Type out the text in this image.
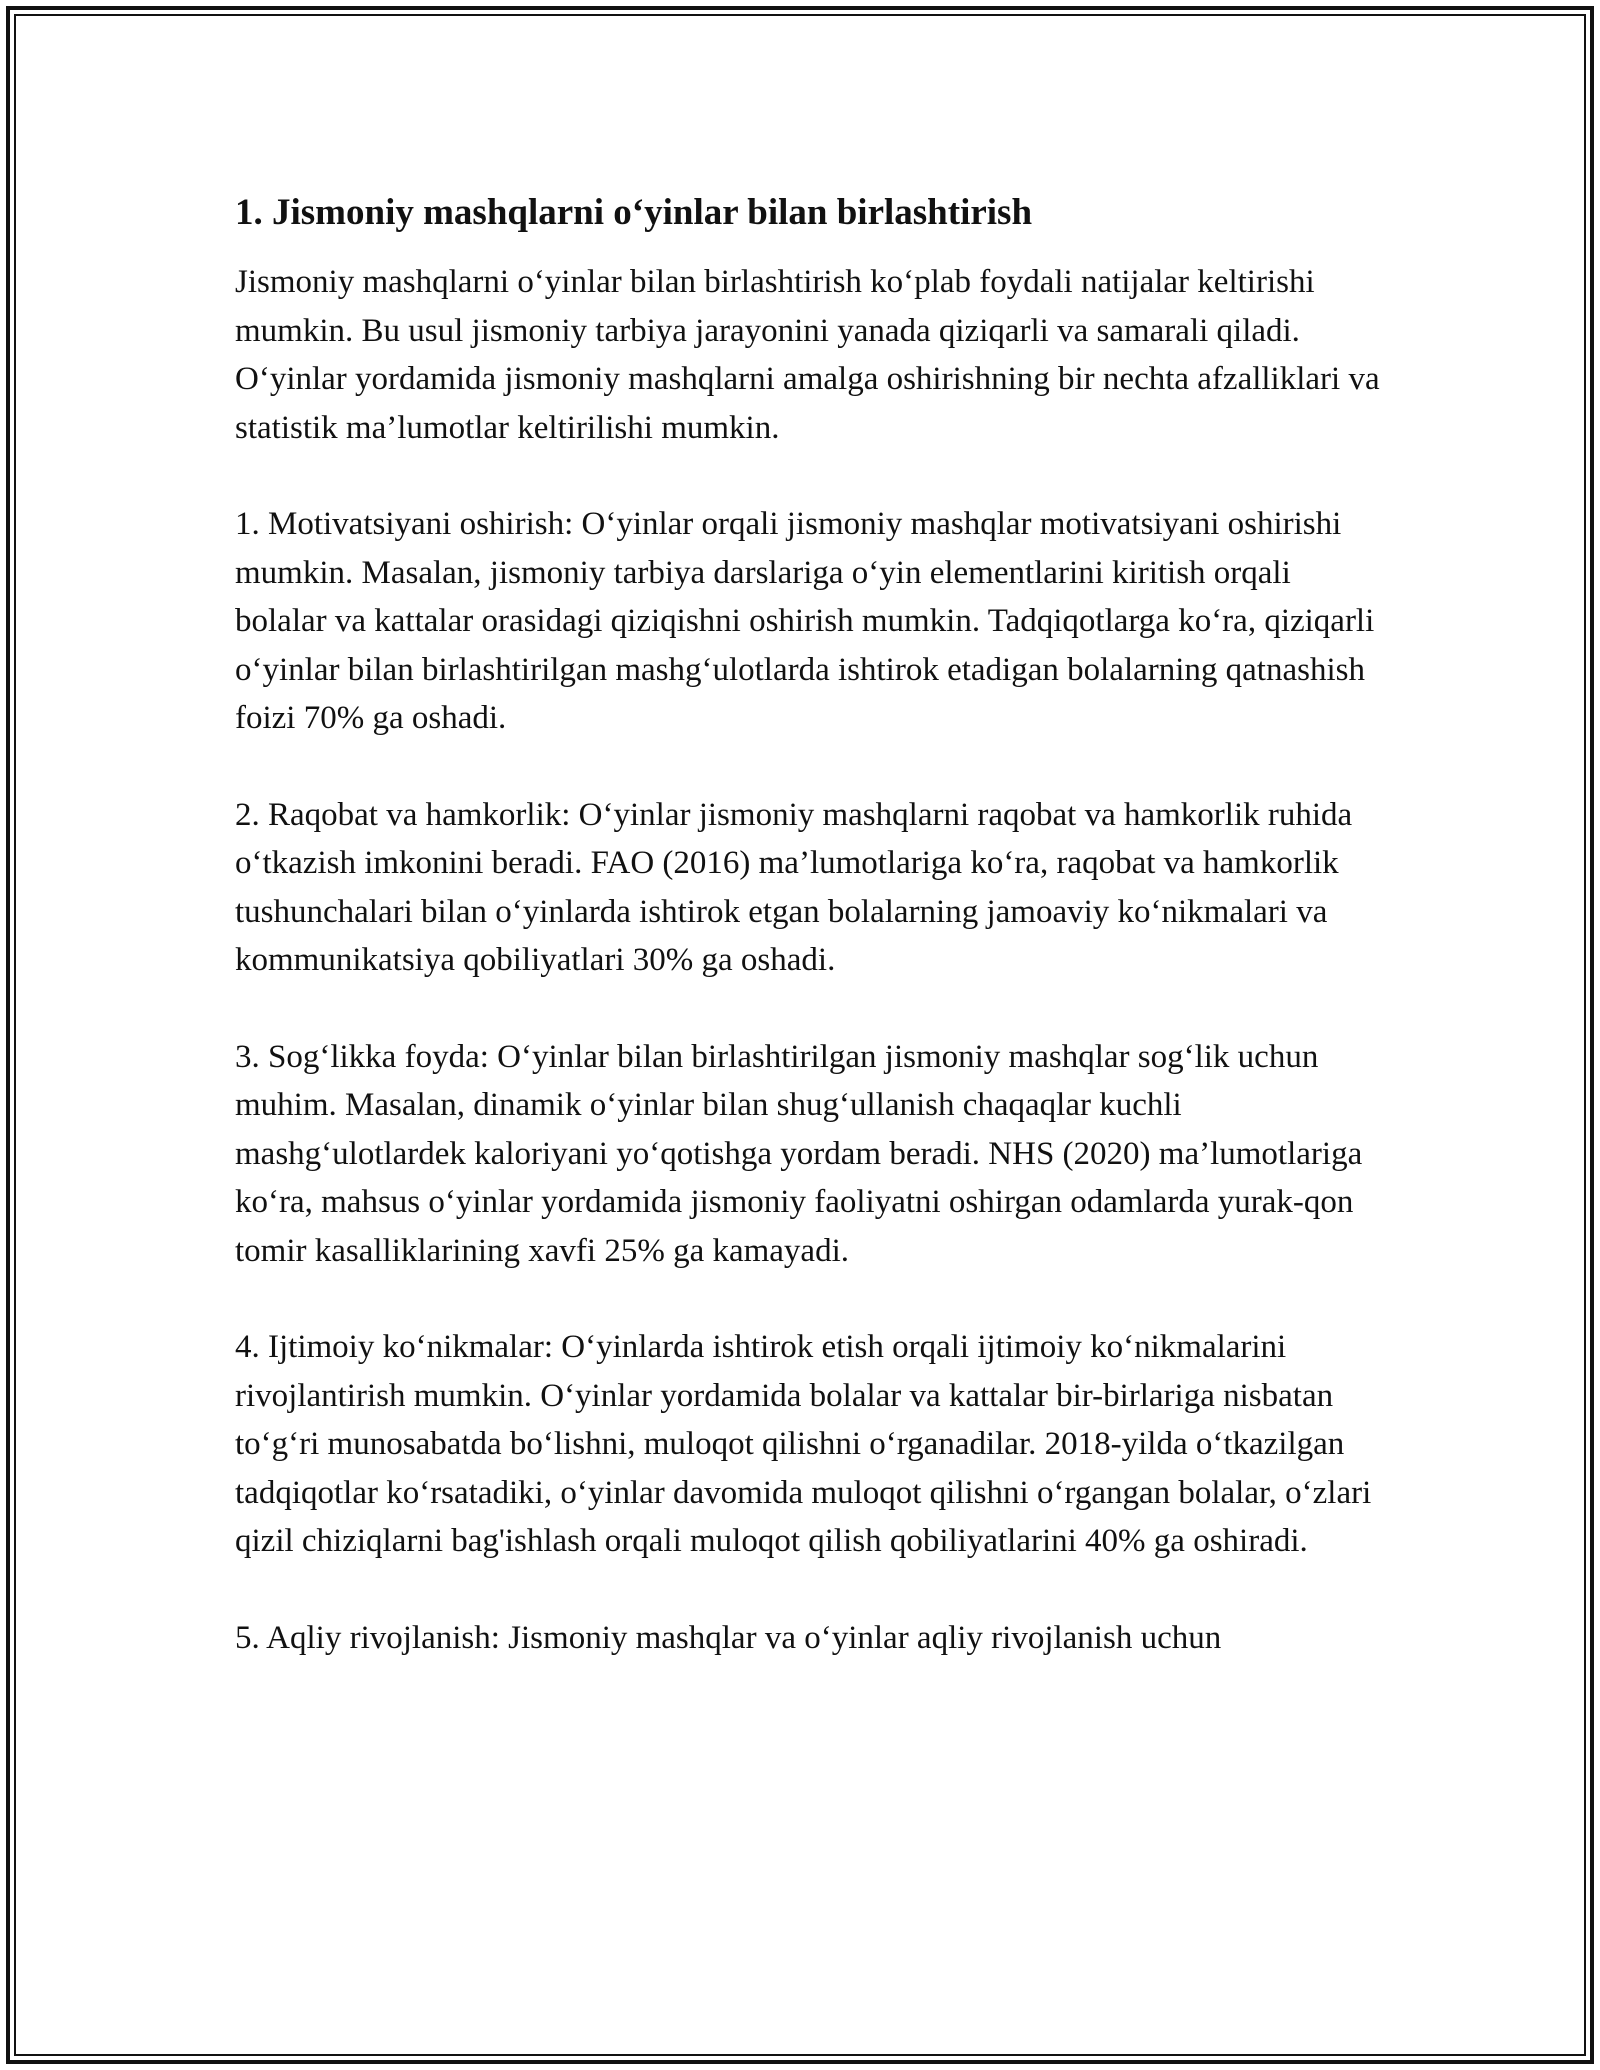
1. Jismoniy mashqlarni o‘yinlar bilan birlashtirish

Jismoniy mashqlarni o‘yinlar bilan birlashtirish ko‘plab foydali natijalar keltirishi mumkin. Bu usul jismoniy tarbiya jarayonini yanada qiziqarli va samarali qiladi. O‘yinlar yordamida jismoniy mashqlarni amalga oshirishning bir nechta afzalliklari va statistik ma’lumotlar keltirilishi mumkin.

1. Motivatsiyani oshirish: O‘yinlar orqali jismoniy mashqlar motivatsiyani oshirishi mumkin. Masalan, jismoniy tarbiya darslariga o‘yin elementlarini kiritish orqali bolalar va kattalar orasidagi qiziqishni oshirish mumkin. Tadqiqotlarga ko‘ra, qiziqarli o‘yinlar bilan birlashtirilgan mashg‘ulotlarda ishtirok etadigan bolalarning qatnashish foizi 70% ga oshadi.

2. Raqobat va hamkorlik: O‘yinlar jismoniy mashqlarni raqobat va hamkorlik ruhida o‘tkazish imkonini beradi. FAO (2016) ma’lumotlariga ko‘ra, raqobat va hamkorlik tushunchalari bilan o‘yinlarda ishtirok etgan bolalarning jamoaviy ko‘nikmalari va kommunikatsiya qobiliyatlari 30% ga oshadi.

3. Sog‘likka foyda: O‘yinlar bilan birlashtirilgan jismoniy mashqlar sog‘lik uchun muhim. Masalan, dinamik o‘yinlar bilan shug‘ullanish chaqaqlar kuchli mashg‘ulotlardek kaloriyani yo‘qotishga yordam beradi. NHS (2020) ma’lumotlariga ko‘ra, mahsus o‘yinlar yordamida jismoniy faoliyatni oshirgan odamlarda yurak-qon tomir kasalliklarining xavfi 25% ga kamayadi.

4. Ijtimoiy ko‘nikmalar: O‘yinlarda ishtirok etish orqali ijtimoiy ko‘nikmalarini rivojlantirish mumkin. O‘yinlar yordamida bolalar va kattalar bir-birlariga nisbatan to‘g‘ri munosabatda bo‘lishni, muloqot qilishni o‘rganadilar. 2018-yilda o‘tkazilgan tadqiqotlar ko‘rsatadiki, o‘yinlar davomida muloqot qilishni o‘rgangan bolalar, o‘zlari qizil chiziqlarni bag'ishlash orqali muloqot qilish qobiliyatlarini 40% ga oshiradi.

5. Aqliy rivojlanish: Jismoniy mashqlar va o‘yinlar aqliy rivojlanish uchun
